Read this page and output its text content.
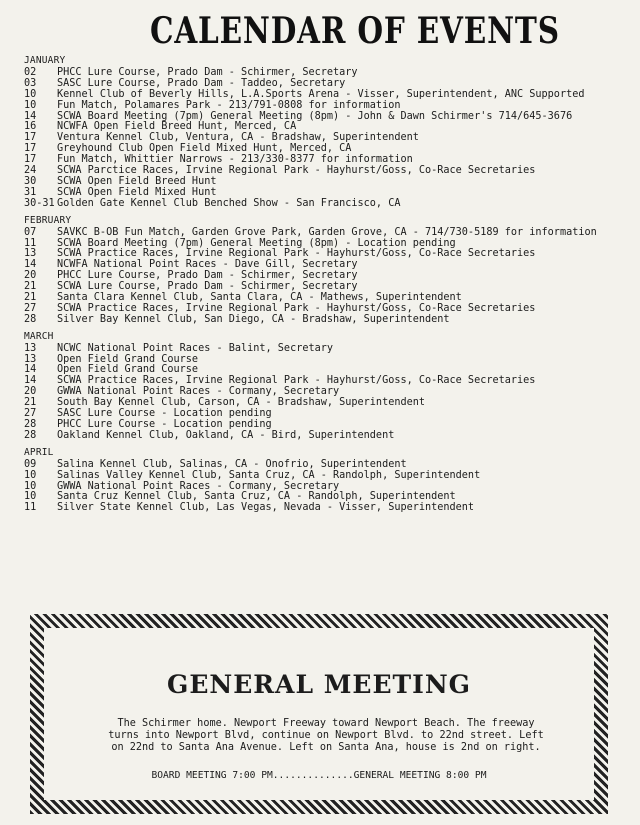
CALENDAR OF EVENTS
JANUARY
02	PHCC Lure Course, Prado Dam - Schirmer, Secretary
03	SASC Lure Course, Prado Dam - Taddeo, Secretary
10	Kennel Club of Beverly Hills, L.A.Sports Arena - Visser, Superintendent, ANC Supported
10	Fun Match, Polamares Park - 213/791-0808 for information
14	SCWA Board Meeting (7pm) General Meeting (8pm) - John & Dawn Schirmer's 714/645-3676
16	NCWFA Open Field Breed Hunt, Merced, CA
17	Ventura Kennel Club, Ventura, CA - Bradshaw, Superintendent
17	Greyhound Club Open Field Mixed Hunt, Merced, CA
17	Fun Match, Whittier Narrows - 213/330-8377 for information
24	SCWA Parctice Races, Irvine Regional Park - Hayhurst/Goss, Co-Race Secretaries
30	SCWA Open Field Breed Hunt
31	SCWA Open Field Mixed Hunt
30-31 Golden Gate Kennel Club Benched Show - San Francisco, CA
FEBRUARY
07	SAVKC B-OB Fun Match, Garden Grove Park, Garden Grove, CA - 714/730-5189 for information
11	SCWA Board Meeting (7pm) General Meeting (8pm) - Location pending
13	SCWA Practice Races, Irvine Regional Park - Hayhurst/Goss, Co-Race Secretaries
14	NCWFA National Point Races - Dave Gill, Secretary
20	PHCC Lure Course, Prado Dam - Schirmer, Secretary
21	SCWA Lure Course, Prado Dam - Schirmer, Secretary
21	Santa Clara Kennel Club, Santa Clara, CA - Mathews, Superintendent
27	SCWA Practice Races, Irvine Regional Park - Hayhurst/Goss, Co-Race Secretaries
28	Silver Bay Kennel Club, San Diego, CA - Bradshaw, Superintendent
MARCH
13	NCWC National Point Races - Balint, Secretary
13	Open Field Grand Course
14	Open Field Grand Course
14	SCWA Practice Races, Irvine Regional Park - Hayhurst/Goss, Co-Race Secretaries
20	GWWA National Point Races - Cormany, Secretary
21	South Bay Kennel Club, Carson, CA - Bradshaw, Superintendent
27	SASC Lure Course - Location pending
28	PHCC Lure Course - Location pending
28	Oakland Kennel Club, Oakland, CA - Bird, Superintendent
APRIL
09	Salina Kennel Club, Salinas, CA - Onofrio, Superintendent
10	Salinas Valley Kennel Club, Santa Cruz, CA - Randolph, Superintendent
10	GWWA National Point Races - Cormany, Secretary
10	Santa Cruz Kennel Club, Santa Cruz, CA - Randolph, Superintendent
11	Silver State Kennel Club, Las Vegas, Nevada - Visser, Superintendent
GENERAL MEETING
The Schirmer home. Newport Freeway toward Newport Beach. The freeway
turns into Newport Blvd, continue on Newport Blvd. to 22nd street. Left
on 22nd to Santa Ana Avenue. Left on Santa Ana, house is 2nd on right.
BOARD MEETING 7:00 PM..............GENERAL MEETING 8:00 PM
